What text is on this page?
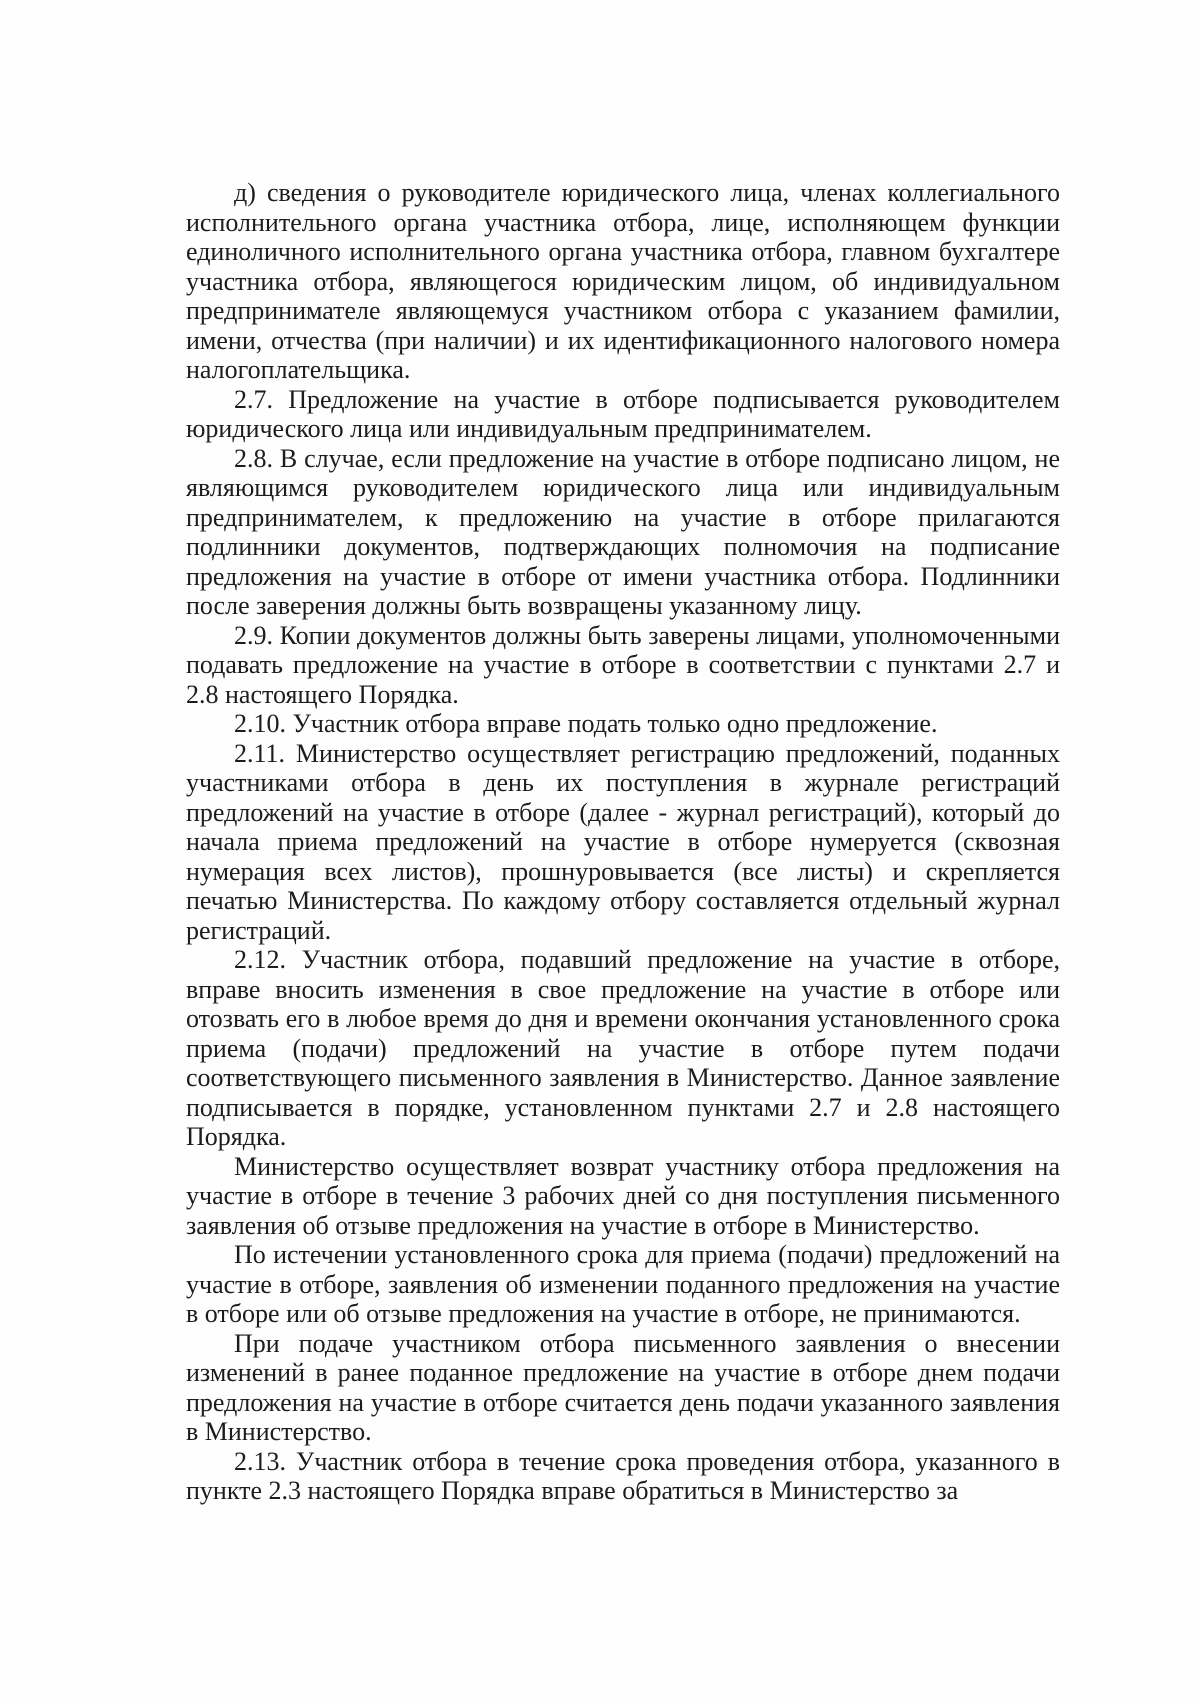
д) сведения о руководителе юридического лица, членах коллегиального исполнительного органа участника отбора, лице, исполняющем функции единоличного исполнительного органа участника отбора, главном бухгалтере участника отбора, являющегося юридическим лицом, об индивидуальном предпринимателе являющемуся участником отбора с указанием фамилии, имени, отчества (при наличии) и их идентификационного налогового номера налогоплательщика.

2.7. Предложение на участие в отборе подписывается руководителем юридического лица или индивидуальным предпринимателем.

2.8. В случае, если предложение на участие в отборе подписано лицом, не являющимся руководителем юридического лица или индивидуальным предпринимателем, к предложению на участие в отборе прилагаются подлинники документов, подтверждающих полномочия на подписание предложения на участие в отборе от имени участника отбора. Подлинники после заверения должны быть возвращены указанному лицу.

2.9. Копии документов должны быть заверены лицами, уполномоченными подавать предложение на участие в отборе в соответствии с пунктами 2.7 и 2.8 настоящего Порядка.

2.10. Участник отбора вправе подать только одно предложение.

2.11. Министерство осуществляет регистрацию предложений, поданных участниками отбора в день их поступления в журнале регистраций предложений на участие в отборе (далее - журнал регистраций), который до начала приема предложений на участие в отборе нумеруется (сквозная нумерация всех листов), прошнуровывается (все листы) и скрепляется печатью Министерства. По каждому отбору составляется отдельный журнал регистраций.

2.12. Участник отбора, подавший предложение на участие в отборе, вправе вносить изменения в свое предложение на участие в отборе или отозвать его в любое время до дня и времени окончания установленного срока приема (подачи) предложений на участие в отборе путем подачи соответствующего письменного заявления в Министерство. Данное заявление подписывается в порядке, установленном пунктами 2.7 и 2.8 настоящего Порядка.

Министерство осуществляет возврат участнику отбора предложения на участие в отборе в течение 3 рабочих дней со дня поступления письменного заявления об отзыве предложения на участие в отборе в Министерство.

По истечении установленного срока для приема (подачи) предложений на участие в отборе, заявления об изменении поданного предложения на участие в отборе или об отзыве предложения на участие в отборе, не принимаются.

При подаче участником отбора письменного заявления о внесении изменений в ранее поданное предложение на участие в отборе днем подачи предложения на участие в отборе считается день подачи указанного заявления в Министерство.

2.13. Участник отбора в течение срока проведения отбора, указанного в пункте 2.3 настоящего Порядка вправе обратиться в Министерство за
